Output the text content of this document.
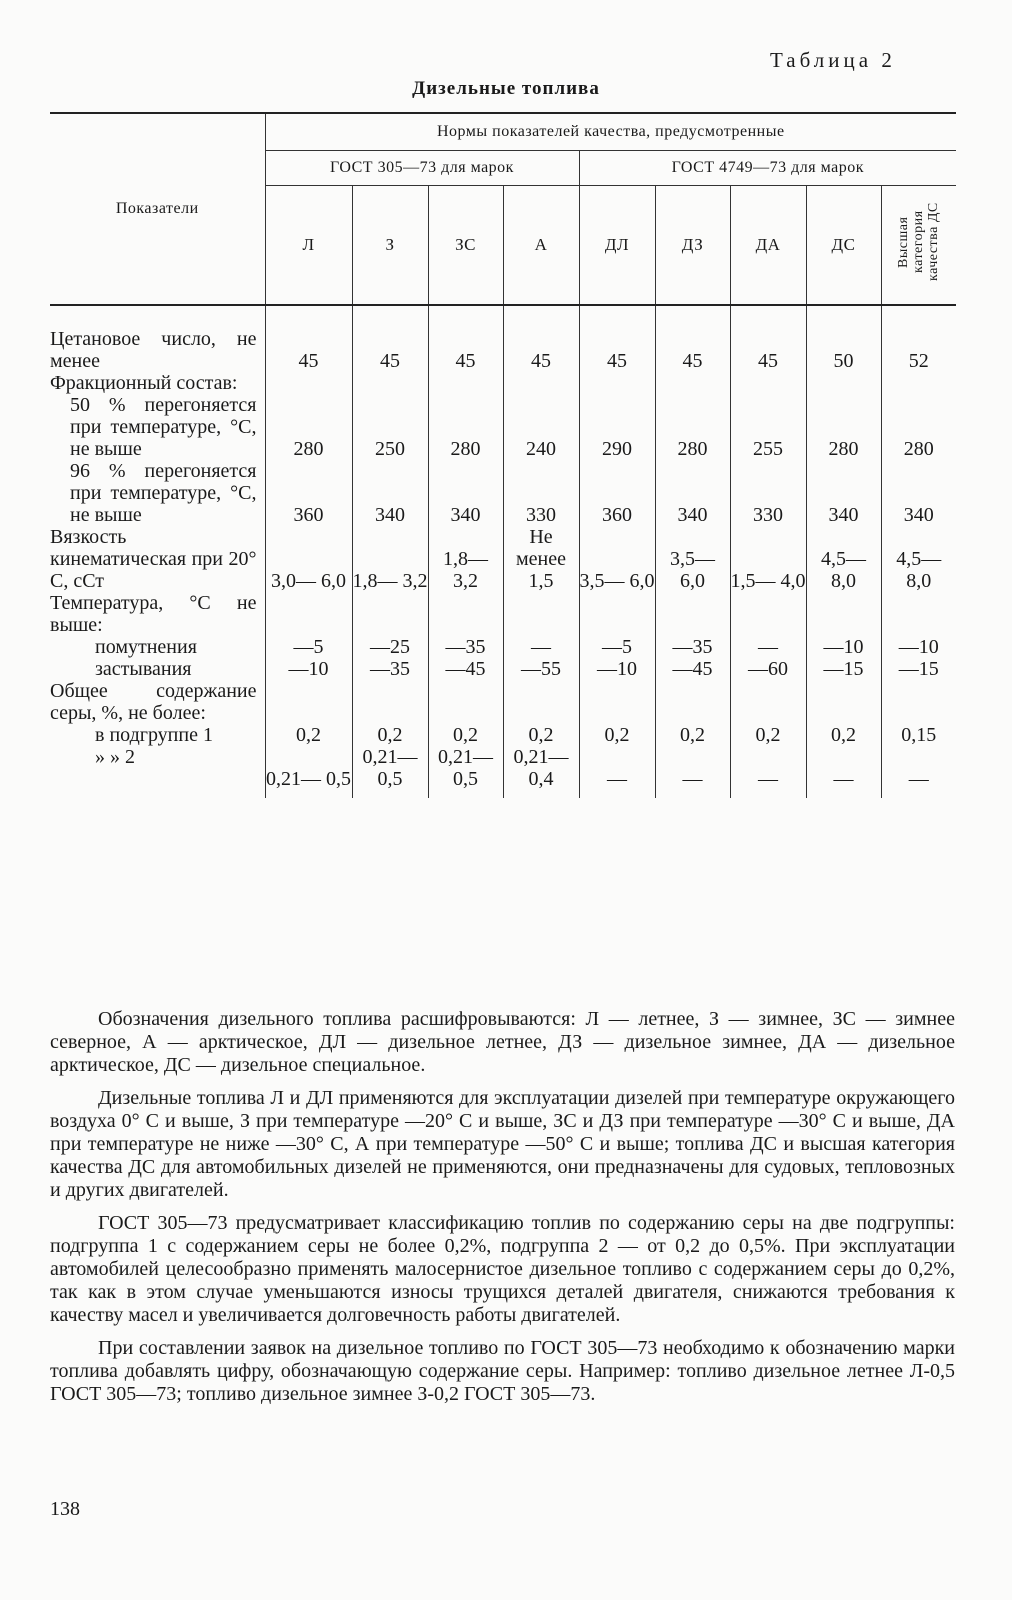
Таблица 2
Дизельные топлива
Показатели	Нормы показателей качества, предусмотренные								
	ГОСТ 305—73 для марок				ГОСТ 4749—73 для марок				
	Л	З	ЗС	А	ДЛ	ДЗ	ДА	ДС	Высшая категория качества ДС

Цетановое число, не менее	45	45	45	45	45	45	45	50	52

Фракционный состав:									

50 % перегоняется при температуре, °С, не выше	280	250	280	240	290	280	255	280	280

96 % перегоняется при температуре, °С, не выше	360	340	340	330	360	340	330	340	340

Вязкость кинематическая при 20° С, сСт	3,0— 6,0	1,8— 3,2	1,8— 3,2	Не менее 1,5	3,5— 6,0	3,5— 6,0	1,5— 4,0	4,5— 8,0	4,5— 8,0

Температура, °С не выше:									

помутнения	—5	—25	—35	—	—5	—35	—	—10	—10

застывания	—10	—35	—45	—55	—10	—45	—60	—15	—15

Общее содержание серы, %, не более:									

в подгруппе 1	0,2	0,2	0,2	0,2	0,2	0,2	0,2	0,2	0,15

» » 2	0,21— 0,5	0,21— 0,5	0,21— 0,5	0,21— 0,4	—	—	—	—	—

Обозначения дизельного топлива расшифровываются: Л — летнее, З — зимнее, ЗС — зимнее северное, А — арктическое, ДЛ — дизельное летнее, ДЗ — дизельное зимнее, ДА — дизельное арктическое, ДС — дизельное специальное.

Дизельные топлива Л и ДЛ применяются для эксплуатации дизелей при температуре окружающего воздуха 0° С и выше, З при температуре —20° С и выше, ЗС и ДЗ при температуре —30° С и выше, ДА при температуре не ниже —30° С, А при температуре —50° С и выше; топлива ДС и высшая категория качества ДС для автомобильных дизелей не применяются, они предназначены для судовых, тепловозных и других двигателей.

ГОСТ 305—73 предусматривает классификацию топлив по содержанию серы на две подгруппы: подгруппа 1 с содержанием серы не более 0,2%, подгруппа 2 — от 0,2 до 0,5%. При эксплуатации автомобилей целесообразно применять малосернистое дизельное топливо с содержанием серы до 0,2%, так как в этом случае уменьшаются износы трущихся деталей двигателя, снижаются требования к качеству масел и увеличивается долговечность работы двигателей.

При составлении заявок на дизельное топливо по ГОСТ 305—73 необходимо к обозначению марки топлива добавлять цифру, обозначающую содержание серы. Например: топливо дизельное летнее Л-0,5 ГОСТ 305—73; топливо дизельное зимнее З-0,2 ГОСТ 305—73.

138
